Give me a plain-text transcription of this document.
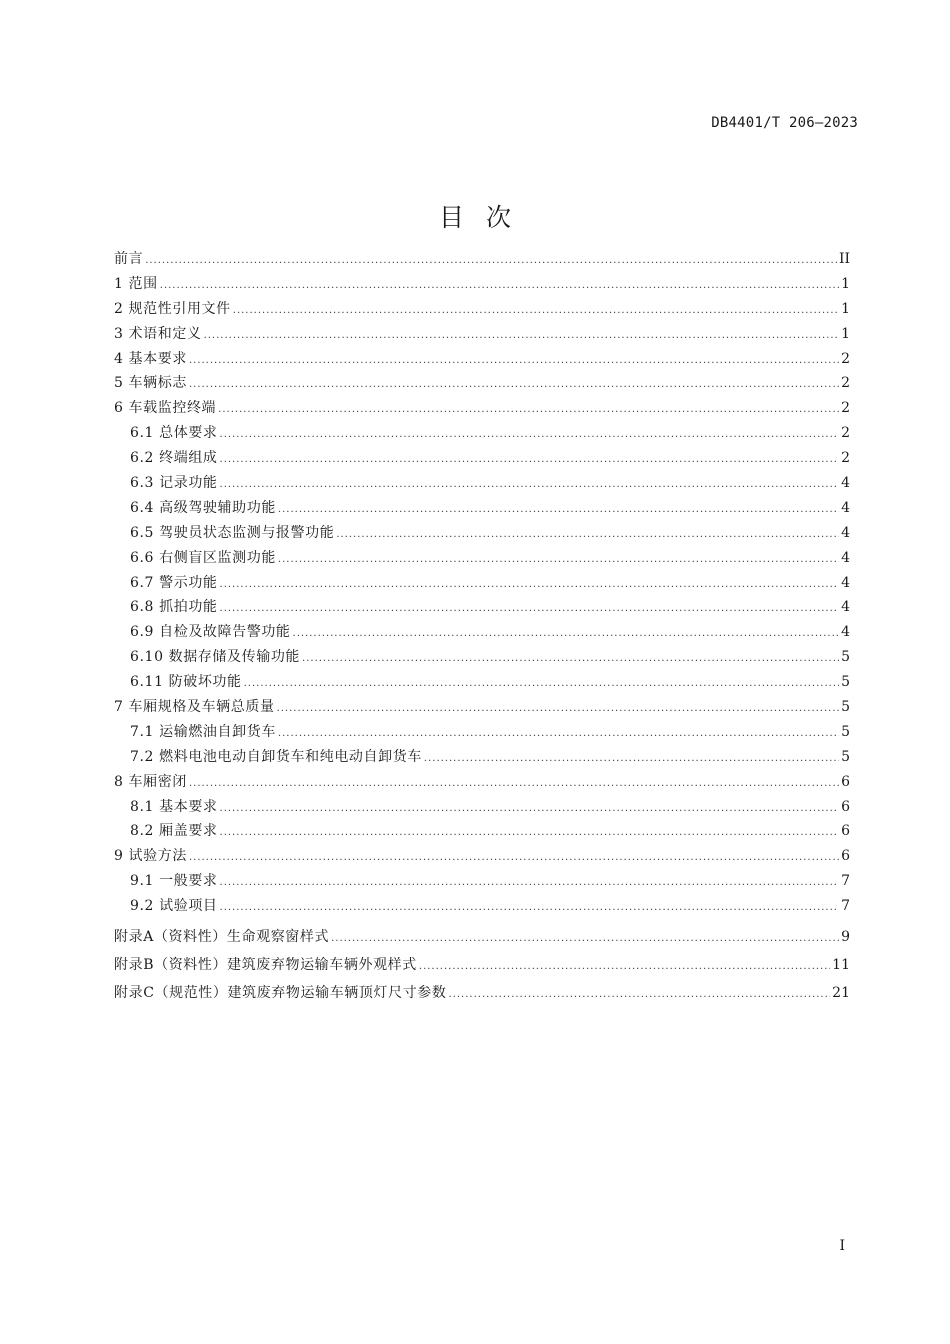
DB4401/T 206—2023
目次
前言 .....	II
1 范围 .....	1
2 规范性引用文件 .....	1
3 术语和定义 .....	1
4 基本要求 .....	2
5 车辆标志 .....	2
6 车载监控终端 .....	2
6.1 总体要求 .....	2
6.2 终端组成 .....	2
6.3 记录功能 .....	4
6.4 高级驾驶辅助功能 .....	4
6.5 驾驶员状态监测与报警功能 .....	4
6.6 右侧盲区监测功能 .....	4
6.7 警示功能 .....	4
6.8 抓拍功能 .....	4
6.9 自检及故障告警功能 .....	4
6.10 数据存储及传输功能 .....	5
6.11 防破坏功能 .....	5
7 车厢规格及车辆总质量 .....	5
7.1 运输燃油自卸货车 .....	5
7.2 燃料电池电动自卸货车和纯电动自卸货车 .....	5
8 车厢密闭 .....	6
8.1 基本要求 .....	6
8.2 厢盖要求 .....	6
9 试验方法 .....	6
9.1 一般要求 .....	7
9.2 试验项目 .....	7
附录A（资料性）生命观察窗样式 .....	9
附录B（资料性）建筑废弃物运输车辆外观样式 .....	11
附录C（规范性）建筑废弃物运输车辆顶灯尺寸参数 .....	21
I
